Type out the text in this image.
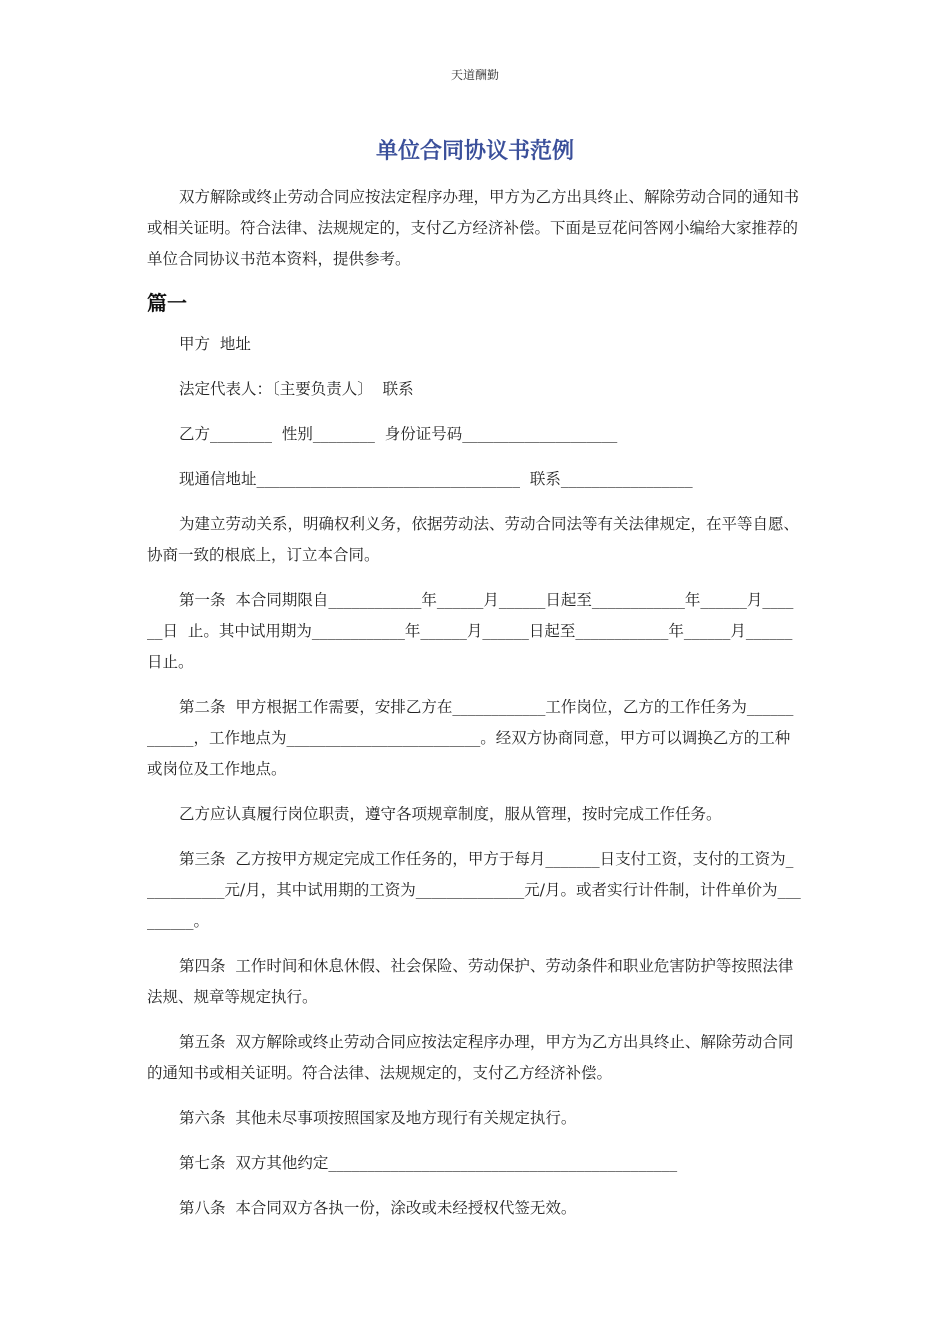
天道酬勤
单位合同协议书范例

双方解除或终止劳动合同应按法定程序办理，甲方为乙方出具终止、解除劳动合同的通知书或相关证明。符合法律、法规规定的，支付乙方经济补偿。下面是豆花问答网小编给大家推荐的单位合同协议书范本资料，提供参考。

篇一

甲方  地址

法定代表人：〔主要负责人〕  联系

乙方________  性别________  身份证号码____________________

现通信地址__________________________________  联系_________________

为建立劳动关系，明确权利义务，依据劳动法、劳动合同法等有关法律规定，在平等自愿、协商一致的根底上，订立本合同。

第一条  本合同期限自____________年______月______日起至____________年______月______日  止。其中试用期为____________年______月______日起至____________年______月______日止。

第二条  甲方根据工作需要，安排乙方在____________工作岗位，乙方的工作任务为____________，工作地点为_________________________。经双方协商同意，甲方可以调换乙方的工种或岗位及工作地点。

乙方应认真履行岗位职责，遵守各项规章制度，服从管理，按时完成工作任务。

第三条  乙方按甲方规定完成工作任务的，甲方于每月_______日支付工资，支付的工资为___________元/月，其中试用期的工资为______________元/月。或者实行计件制，计件单价为_________。

第四条  工作时间和休息休假、社会保险、劳动保护、劳动条件和职业危害防护等按照法律法规、规章等规定执行。

第五条  双方解除或终止劳动合同应按法定程序办理，甲方为乙方出具终止、解除劳动合同的通知书或相关证明。符合法律、法规规定的，支付乙方经济补偿。

第六条  其他未尽事项按照国家及地方现行有关规定执行。

第七条  双方其他约定_____________________________________________

第八条  本合同双方各执一份，涂改或未经授权代签无效。
